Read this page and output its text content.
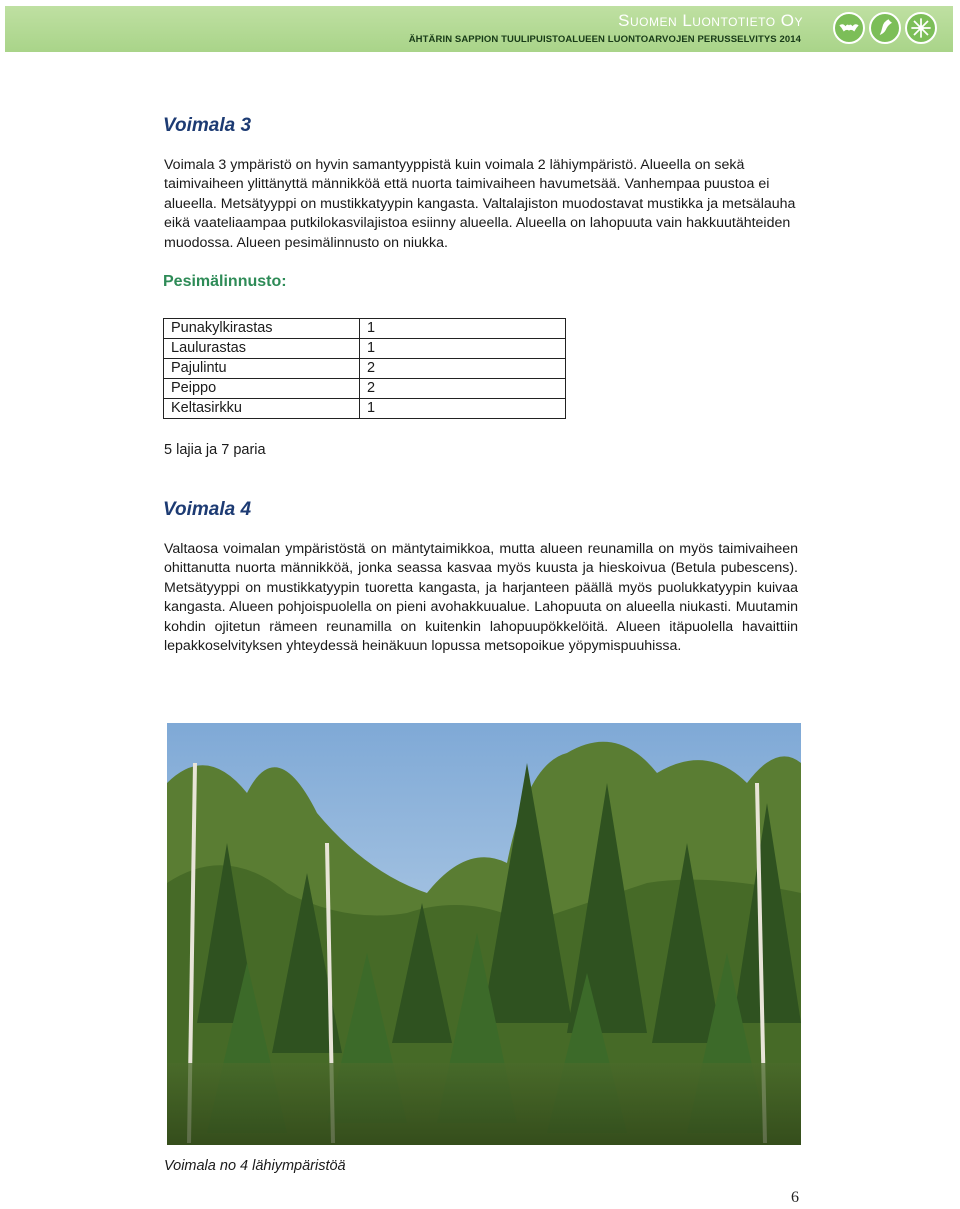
Suomen Luontotieto Oy
ÄHTÄRIN SAPPION TUULIPUISTOALUEEN LUONTOARVOJEN PERUSSELVITYS 2014
Voimala 3

Voimala 3 ympäristö on hyvin samantyyppistä kuin voimala 2 lähiympäristö. Alueella on sekä taimivaiheen ylittänyttä männikköä että nuorta taimivaiheen havumetsää. Vanhempaa puustoa ei alueella. Metsätyyppi on mustikkatyypin kangasta. Valtalajiston muodostavat mustikka ja metsälauha eikä vaateliaampaa putkilokasvilajistoa esiinny alueella. Alueella on lahopuuta vain hakkuutähteiden muodossa. Alueen pesimälinnusto on niukka.

Pesimälinnusto:
Punakylkirastas	1
Laulurastas	1
Pajulintu	2
Peippo	2
Keltasirkku	1
5 lajia ja 7 paria
Voimala 4

Valtaosa voimalan ympäristöstä on mäntytaimikkoa, mutta alueen reunamilla on myös taimivaiheen ohittanutta nuorta männikköä, jonka seassa kasvaa myös kuusta ja hieskoivua (Betula pubescens). Metsätyyppi on mustikkatyypin tuoretta kangasta, ja harjanteen päällä myös puolukkatyypin kuivaa kangasta. Alueen pohjoispuolella on pieni avohakkuualue. Lahopuuta on alueella niukasti. Muutamin kohdin ojitetun rämeen reunamilla on kuitenkin lahopuupökkelöitä. Alueen itäpuolella havaittiin lepakkoselvityksen yhteydessä heinäkuun lopussa metsopoikue yöpymispuuhissa.

Voimala no 4 lähiympäristöä
6
